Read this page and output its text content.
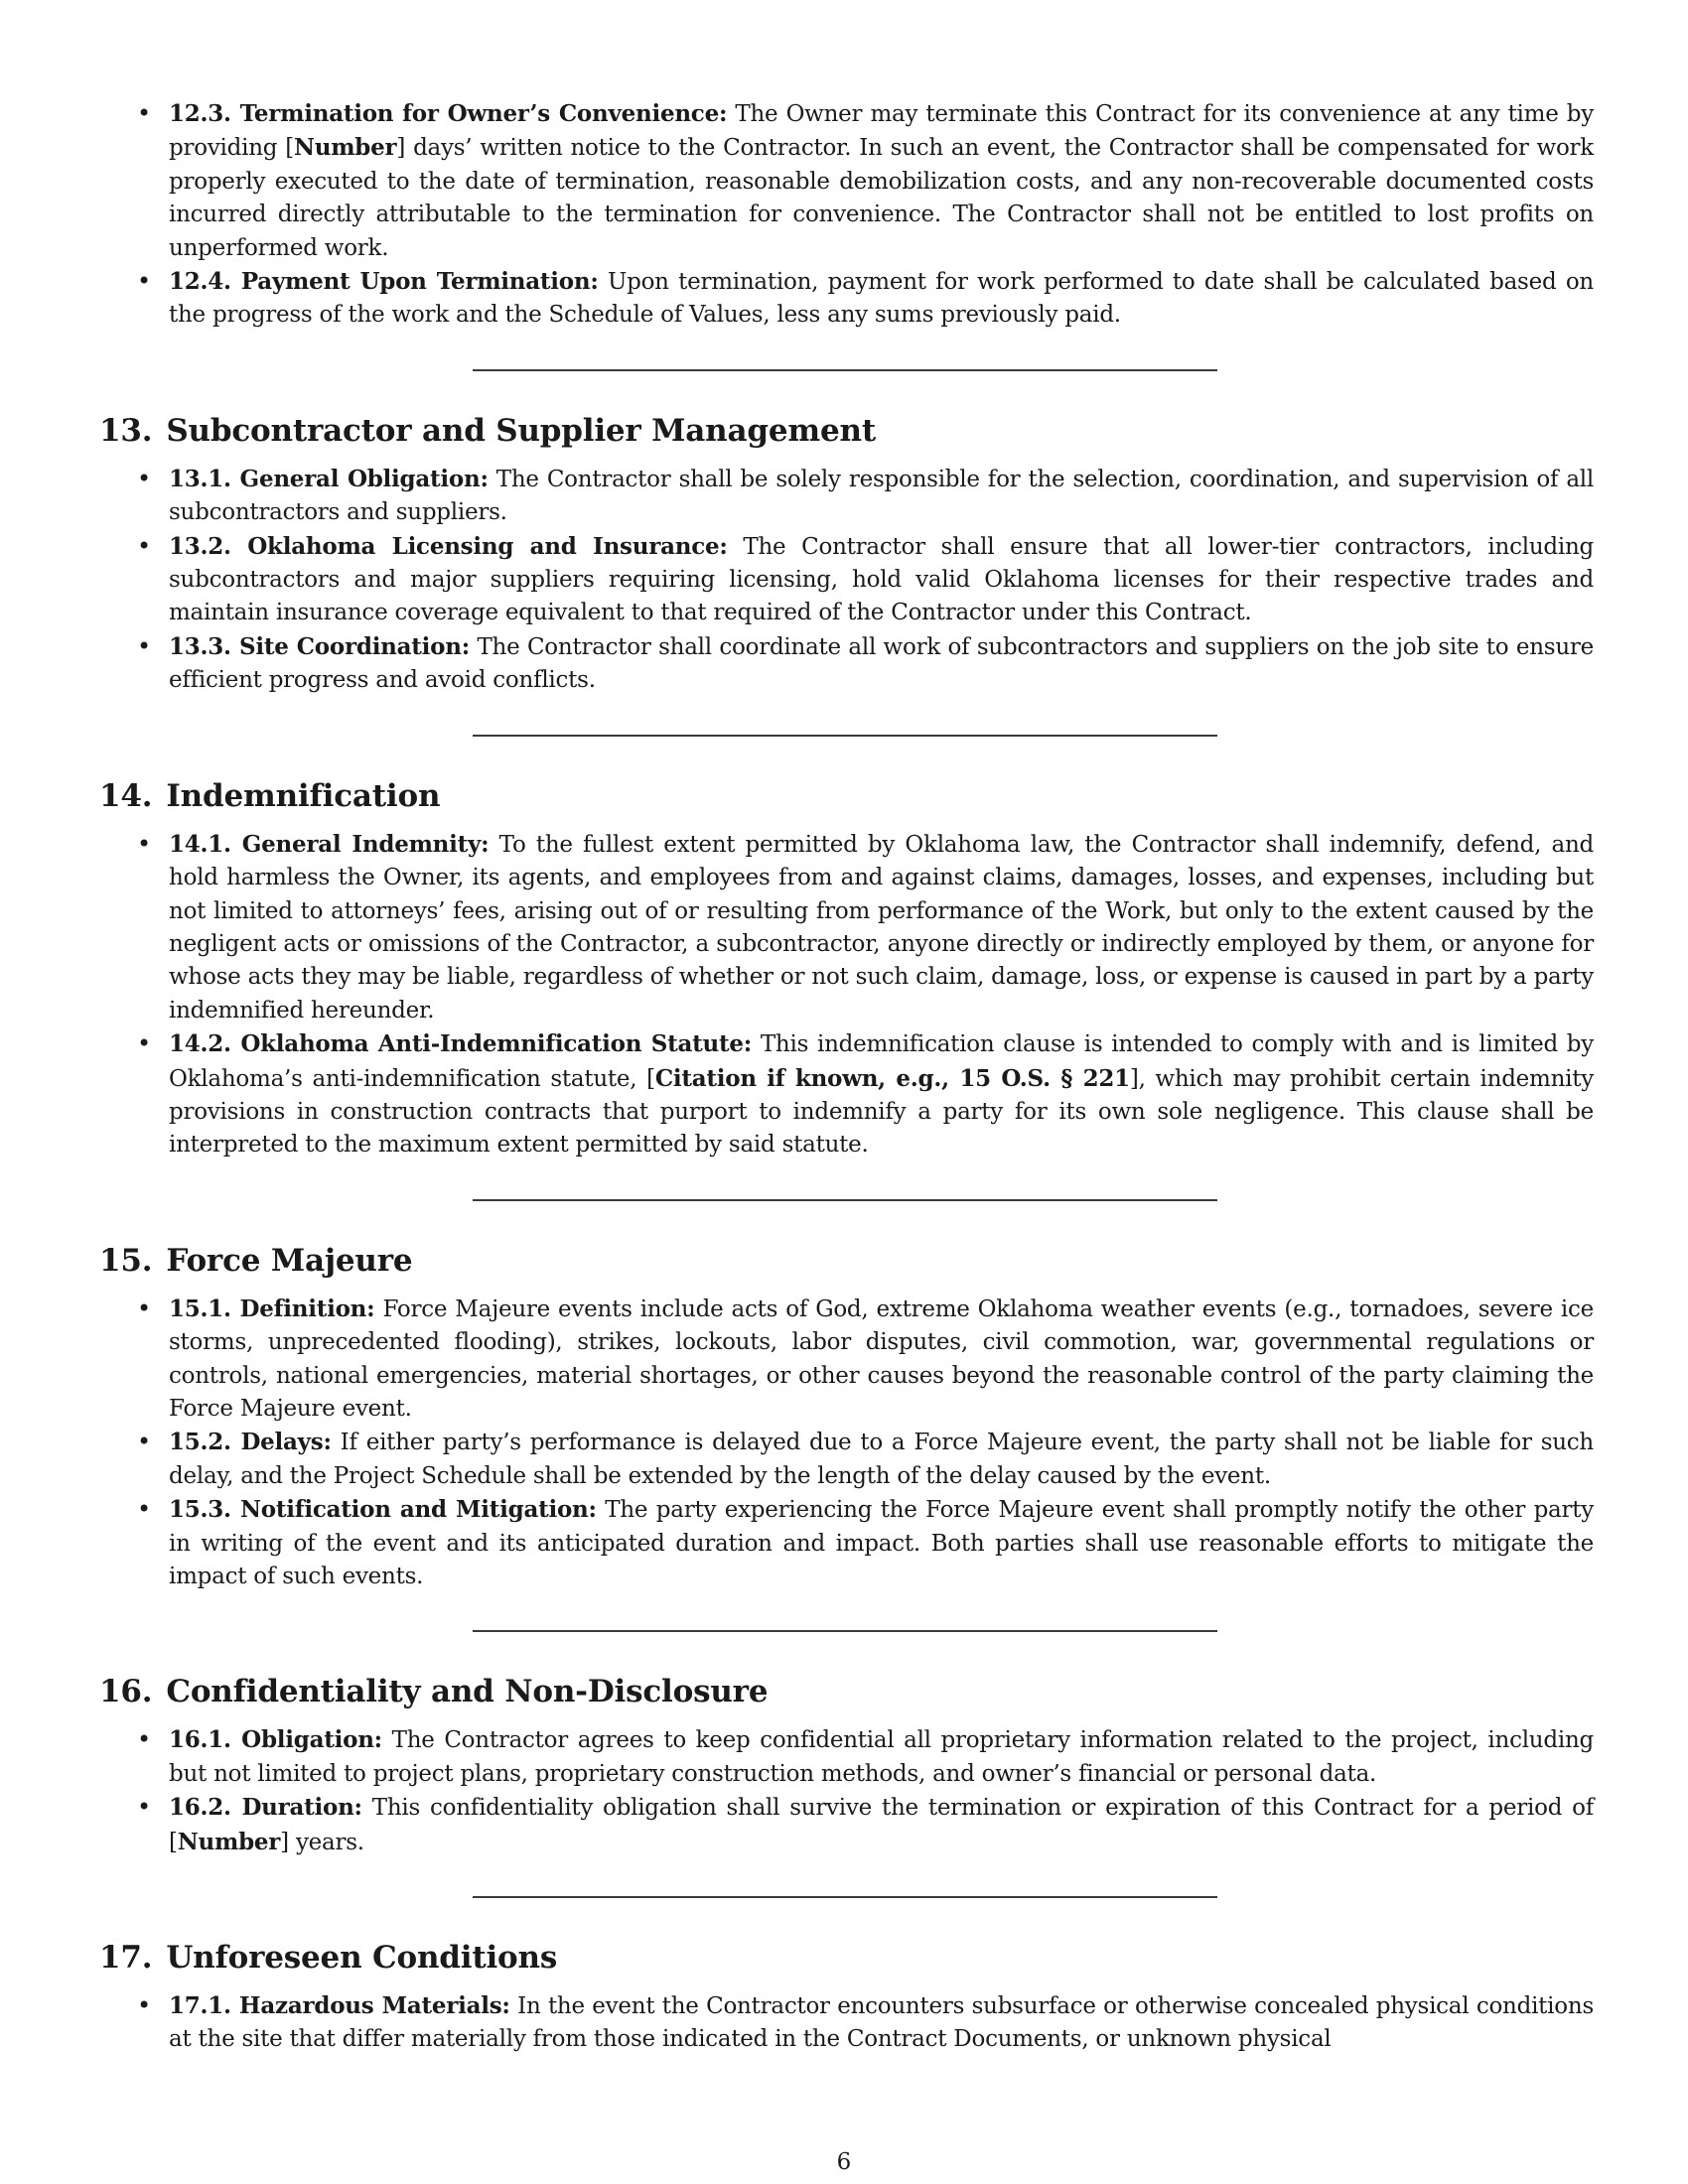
• 12.3. Termination for Owner’s Convenience: The Owner may terminate this Contract for its convenience at any time by providing [Number] days’ written notice to the Contractor. In such an event, the Contractor shall be compensated for work properly executed to the date of termination, reasonable demobilization costs, and any non-recoverable documented costs incurred directly attributable to the termination for convenience. The Contractor shall not be entitled to lost profits on unperformed work.
• 12.4. Payment Upon Termination: Upon termination, payment for work performed to date shall be calculated based on the progress of the work and the Schedule of Values, less any sums previously paid.
13. Subcontractor and Supplier Management
• 13.1. General Obligation: The Contractor shall be solely responsible for the selection, coordination, and supervision of all subcontractors and suppliers.
• 13.2. Oklahoma Licensing and Insurance: The Contractor shall ensure that all lower-tier contractors, including subcontractors and major suppliers requiring licensing, hold valid Oklahoma licenses for their respective trades and maintain insurance coverage equivalent to that required of the Contractor under this Contract.
• 13.3. Site Coordination: The Contractor shall coordinate all work of subcontractors and suppliers on the job site to ensure efficient progress and avoid conflicts.
14. Indemnification
• 14.1. General Indemnity: To the fullest extent permitted by Oklahoma law, the Contractor shall indemnify, defend, and hold harmless the Owner, its agents, and employees from and against claims, damages, losses, and expenses, including but not limited to attorneys’ fees, arising out of or resulting from performance of the Work, but only to the extent caused by the negligent acts or omissions of the Contractor, a subcontractor, anyone directly or indirectly employed by them, or anyone for whose acts they may be liable, regardless of whether or not such claim, damage, loss, or expense is caused in part by a party indemnified hereunder.
• 14.2. Oklahoma Anti-Indemnification Statute: This indemnification clause is intended to comply with and is limited by Oklahoma’s anti-indemnification statute, [Citation if known, e.g., 15 O.S. § 221], which may prohibit certain indemnity provisions in construction contracts that purport to indemnify a party for its own sole negligence. This clause shall be interpreted to the maximum extent permitted by said statute.
15. Force Majeure
• 15.1. Definition: Force Majeure events include acts of God, extreme Oklahoma weather events (e.g., tornadoes, severe ice storms, unprecedented flooding), strikes, lockouts, labor disputes, civil commotion, war, governmental regulations or controls, national emergencies, material shortages, or other causes beyond the reasonable control of the party claiming the Force Majeure event.
• 15.2. Delays: If either party’s performance is delayed due to a Force Majeure event, the party shall not be liable for such delay, and the Project Schedule shall be extended by the length of the delay caused by the event.
• 15.3. Notification and Mitigation: The party experiencing the Force Majeure event shall promptly notify the other party in writing of the event and its anticipated duration and impact. Both parties shall use reasonable efforts to mitigate the impact of such events.
16. Confidentiality and Non-Disclosure
• 16.1. Obligation: The Contractor agrees to keep confidential all proprietary information related to the project, including but not limited to project plans, proprietary construction methods, and owner’s financial or personal data.
• 16.2. Duration: This confidentiality obligation shall survive the termination or expiration of this Contract for a period of [Number] years.
17. Unforeseen Conditions
• 17.1. Hazardous Materials: In the event the Contractor encounters subsurface or otherwise concealed physical conditions at the site that differ materially from those indicated in the Contract Documents, or unknown physical
6
